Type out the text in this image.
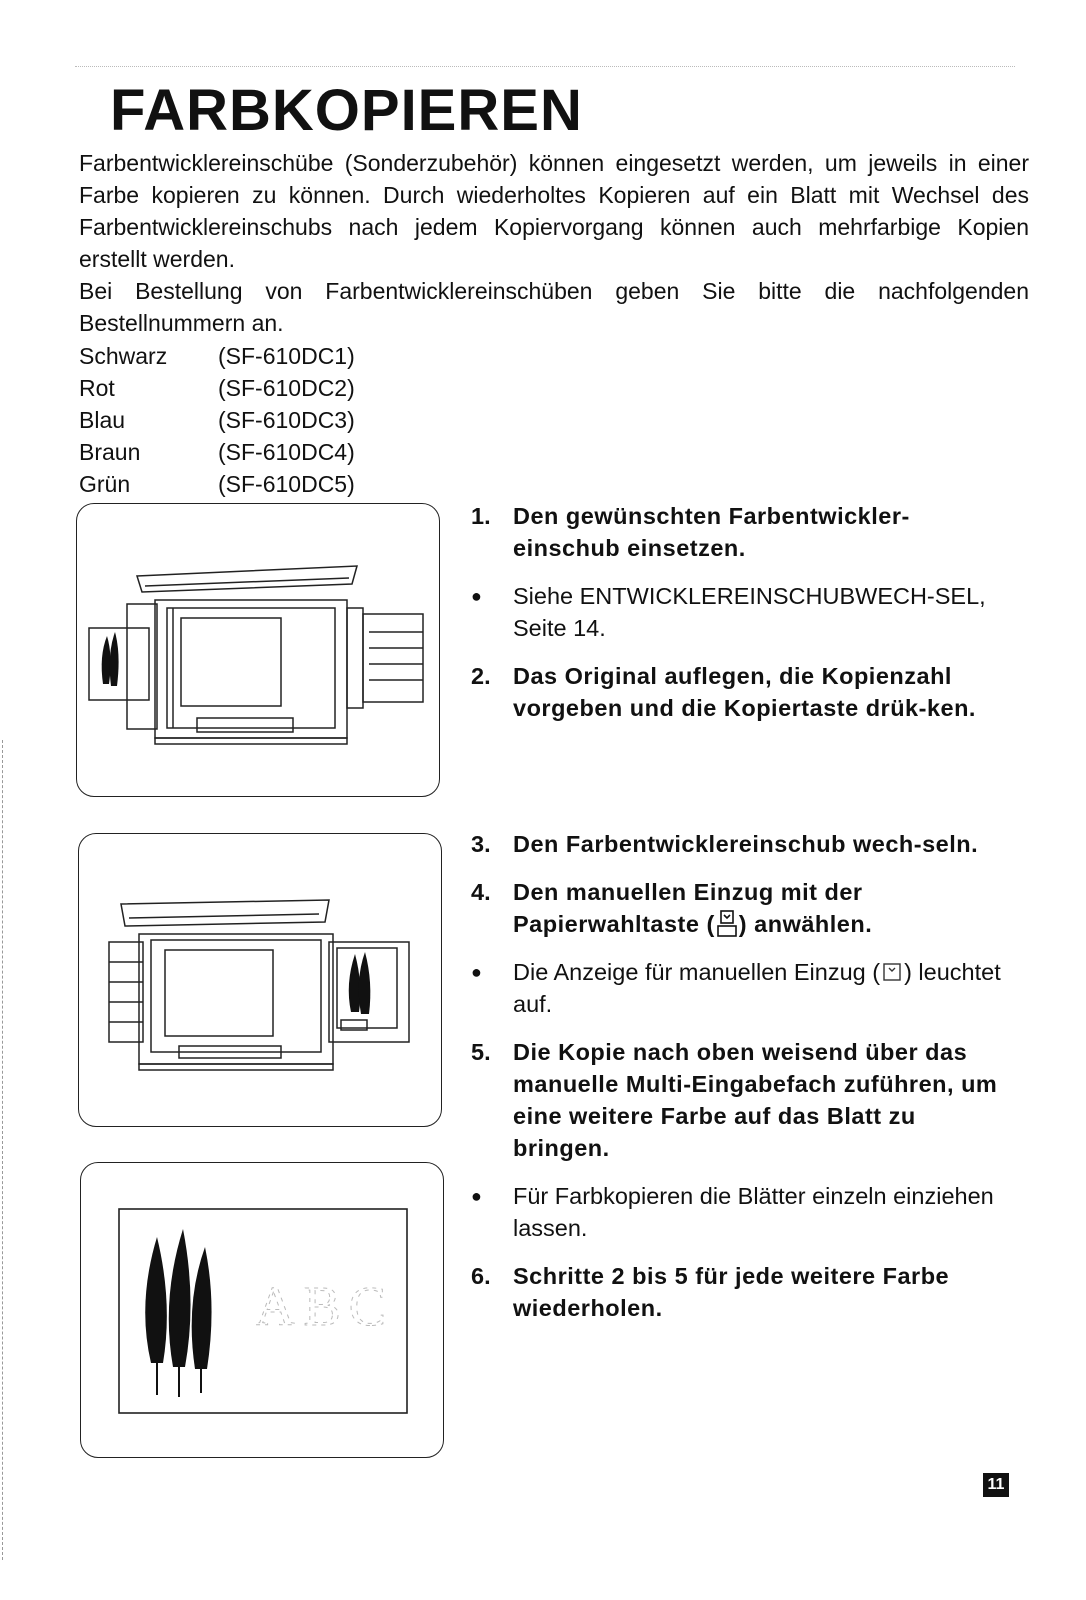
FARBKOPIEREN

Farbentwicklereinschübe (Sonderzubehör) können eingesetzt werden, um jeweils in einer Farbe kopieren zu können. Durch wiederholtes Kopieren auf ein Blatt mit Wechsel des Farbentwicklereinschubs nach jedem Kopiervorgang können auch mehrfarbige Kopien erstellt werden.

Bei Bestellung von Farbentwicklereinschüben geben Sie bitte die nachfolgenden Bestellnummern an.

Schwarz	(SF-610DC1)
Rot	(SF-610DC2)
Blau	(SF-610DC3)
Braun	(SF-610DC4)
Grün	(SF-610DC5)
1. Den gewünschten Farbentwickler-einschub einsetzen.
●	Siehe ENTWICKLEREINSCHUBWECH-SEL, Seite 14.
2. Das Original auflegen, die Kopienzahl vorgeben und die Kopiertaste drük-ken.
3. Den Farbentwicklereinschub wech-seln.
4. Den manuellen Einzug mit der Papierwahltaste ( ) anwählen.
●	Die Anzeige für manuellen Einzug ( ) leuchtet auf.
5. Die Kopie nach oben weisend über das manuelle Multi-Eingabefach zuführen, um eine weitere Farbe auf das Blatt zu bringen.
●	Für Farbkopieren die Blätter einzeln einziehen lassen.
6. Schritte 2 bis 5 für jede weitere Farbe wiederholen.
ABC
11
